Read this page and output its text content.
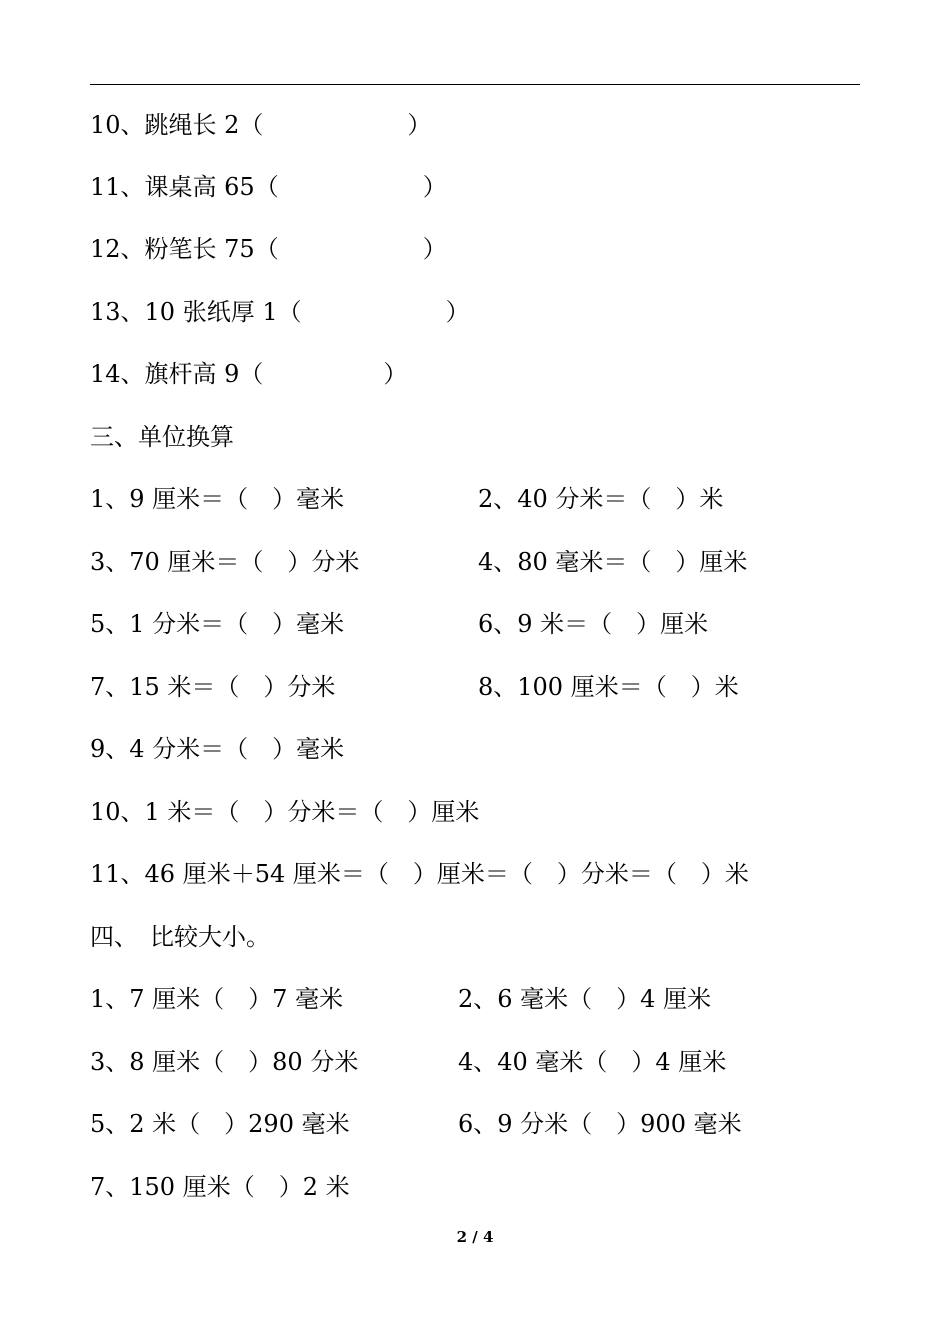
10、跳绳长 2（　　　　　　）
11、课桌高 65（　　　　　　）
12、粉笔长 75（　　　　　　）
13、10 张纸厚 1（　　　　　　）
14、旗杆高 9（　　　　　）
三、单位换算
1、9 厘米＝（　）毫米	2、40 分米＝（　）米
3、70 厘米＝（　）分米	4、80 毫米＝（　）厘米
5、1 分米＝（　）毫米	6、9 米＝（　）厘米
7、15 米＝（　）分米	8、100 厘米＝（　）米
9、4 分米＝（　）毫米
10、1 米＝（　）分米＝（　）厘米
11、46 厘米＋54 厘米＝（　）厘米＝（　）分米＝（　）米
四、　比较大小。
1、7 厘米（　）7 毫米	2、6 毫米（　）4 厘米
3、8 厘米（　）80 分米	4、40 毫米（　）4 厘米
5、2 米（　）290 毫米	6、9 分米（　）900 毫米
7、150 厘米（　）2 米
2 / 4
